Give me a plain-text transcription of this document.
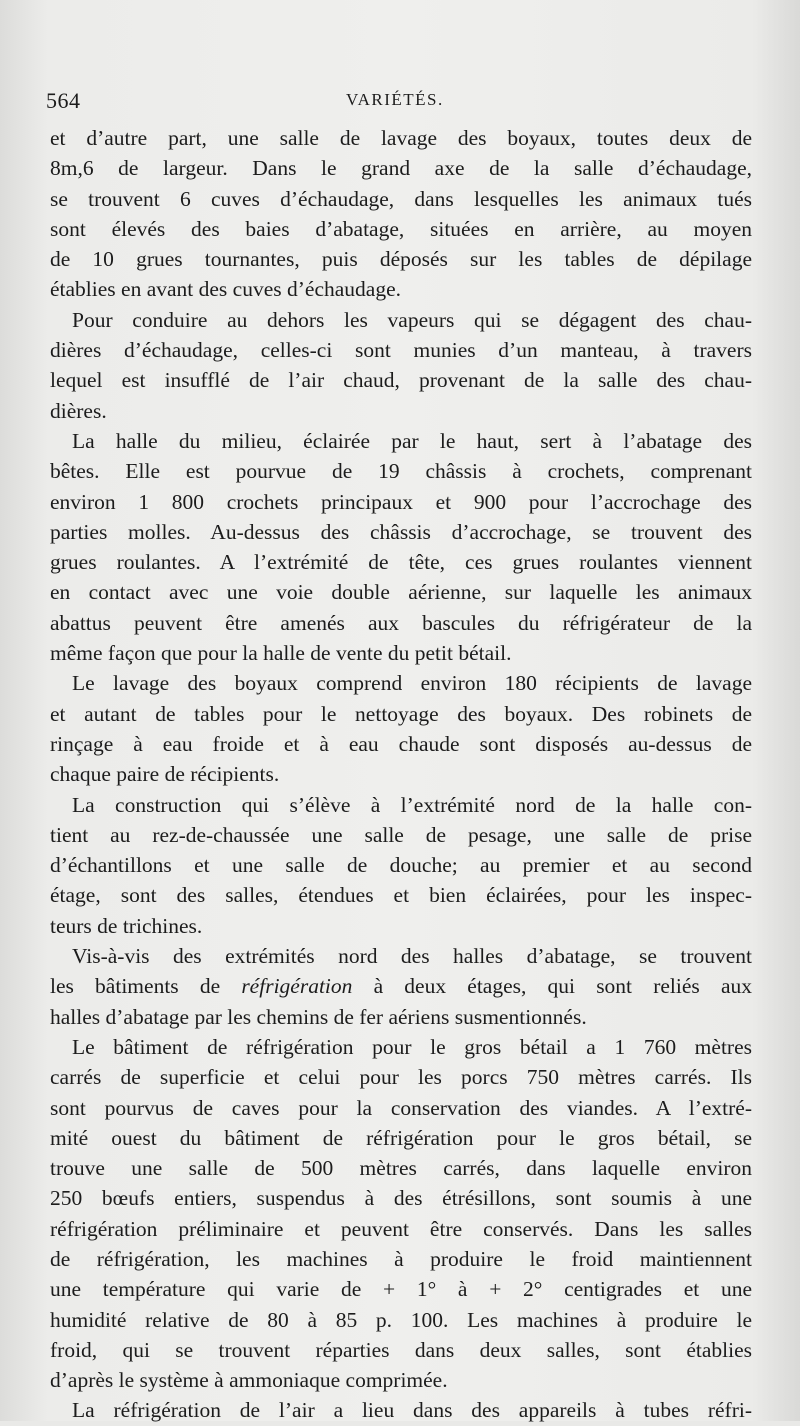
564	VARIÉTÉS.
et d’autre part, une salle de lavage des boyaux, toutes deux de
8m,6 de largeur. Dans le grand axe de la salle d’échaudage,
se trouvent 6 cuves d’échaudage, dans lesquelles les animaux tués
sont élevés des baies d’abatage, situées en arrière, au moyen
de 10 grues tournantes, puis déposés sur les tables de dépilage
établies en avant des cuves d’échaudage.
Pour conduire au dehors les vapeurs qui se dégagent des chau-
dières d’échaudage, celles-ci sont munies d’un manteau, à travers
lequel est insufflé de l’air chaud, provenant de la salle des chau-
dières.
La halle du milieu, éclairée par le haut, sert à l’abatage des
bêtes. Elle est pourvue de 19 châssis à crochets, comprenant
environ 1 800 crochets principaux et 900 pour l’accrochage des
parties molles. Au-dessus des châssis d’accrochage, se trouvent des
grues roulantes. A l’extrémité de tête, ces grues roulantes viennent
en contact avec une voie double aérienne, sur laquelle les animaux
abattus peuvent être amenés aux bascules du réfrigérateur de la
même façon que pour la halle de vente du petit bétail.
Le lavage des boyaux comprend environ 180 récipients de lavage
et autant de tables pour le nettoyage des boyaux. Des robinets de
rinçage à eau froide et à eau chaude sont disposés au-dessus de
chaque paire de récipients.
La construction qui s’élève à l’extrémité nord de la halle con-
tient au rez-de-chaussée une salle de pesage, une salle de prise
d’échantillons et une salle de douche; au premier et au second
étage, sont des salles, étendues et bien éclairées, pour les inspec-
teurs de trichines.
Vis-à-vis des extrémités nord des halles d’abatage, se trouvent
les bâtiments de réfrigération à deux étages, qui sont reliés aux
halles d’abatage par les chemins de fer aériens susmentionnés.
Le bâtiment de réfrigération pour le gros bétail a 1 760 mètres
carrés de superficie et celui pour les porcs 750 mètres carrés. Ils
sont pourvus de caves pour la conservation des viandes. A l’extré-
mité ouest du bâtiment de réfrigération pour le gros bétail, se
trouve une salle de 500 mètres carrés, dans laquelle environ
250 bœufs entiers, suspendus à des étrésillons, sont soumis à une
réfrigération préliminaire et peuvent être conservés. Dans les salles
de réfrigération, les machines à produire le froid maintiennent
une température qui varie de + 1° à + 2° centigrades et une
humidité relative de 80 à 85 p. 100. Les machines à produire le
froid, qui se trouvent réparties dans deux salles, sont établies
d’après le système à ammoniaque comprimée.
La réfrigération de l’air a lieu dans des appareils à tubes réfri-
